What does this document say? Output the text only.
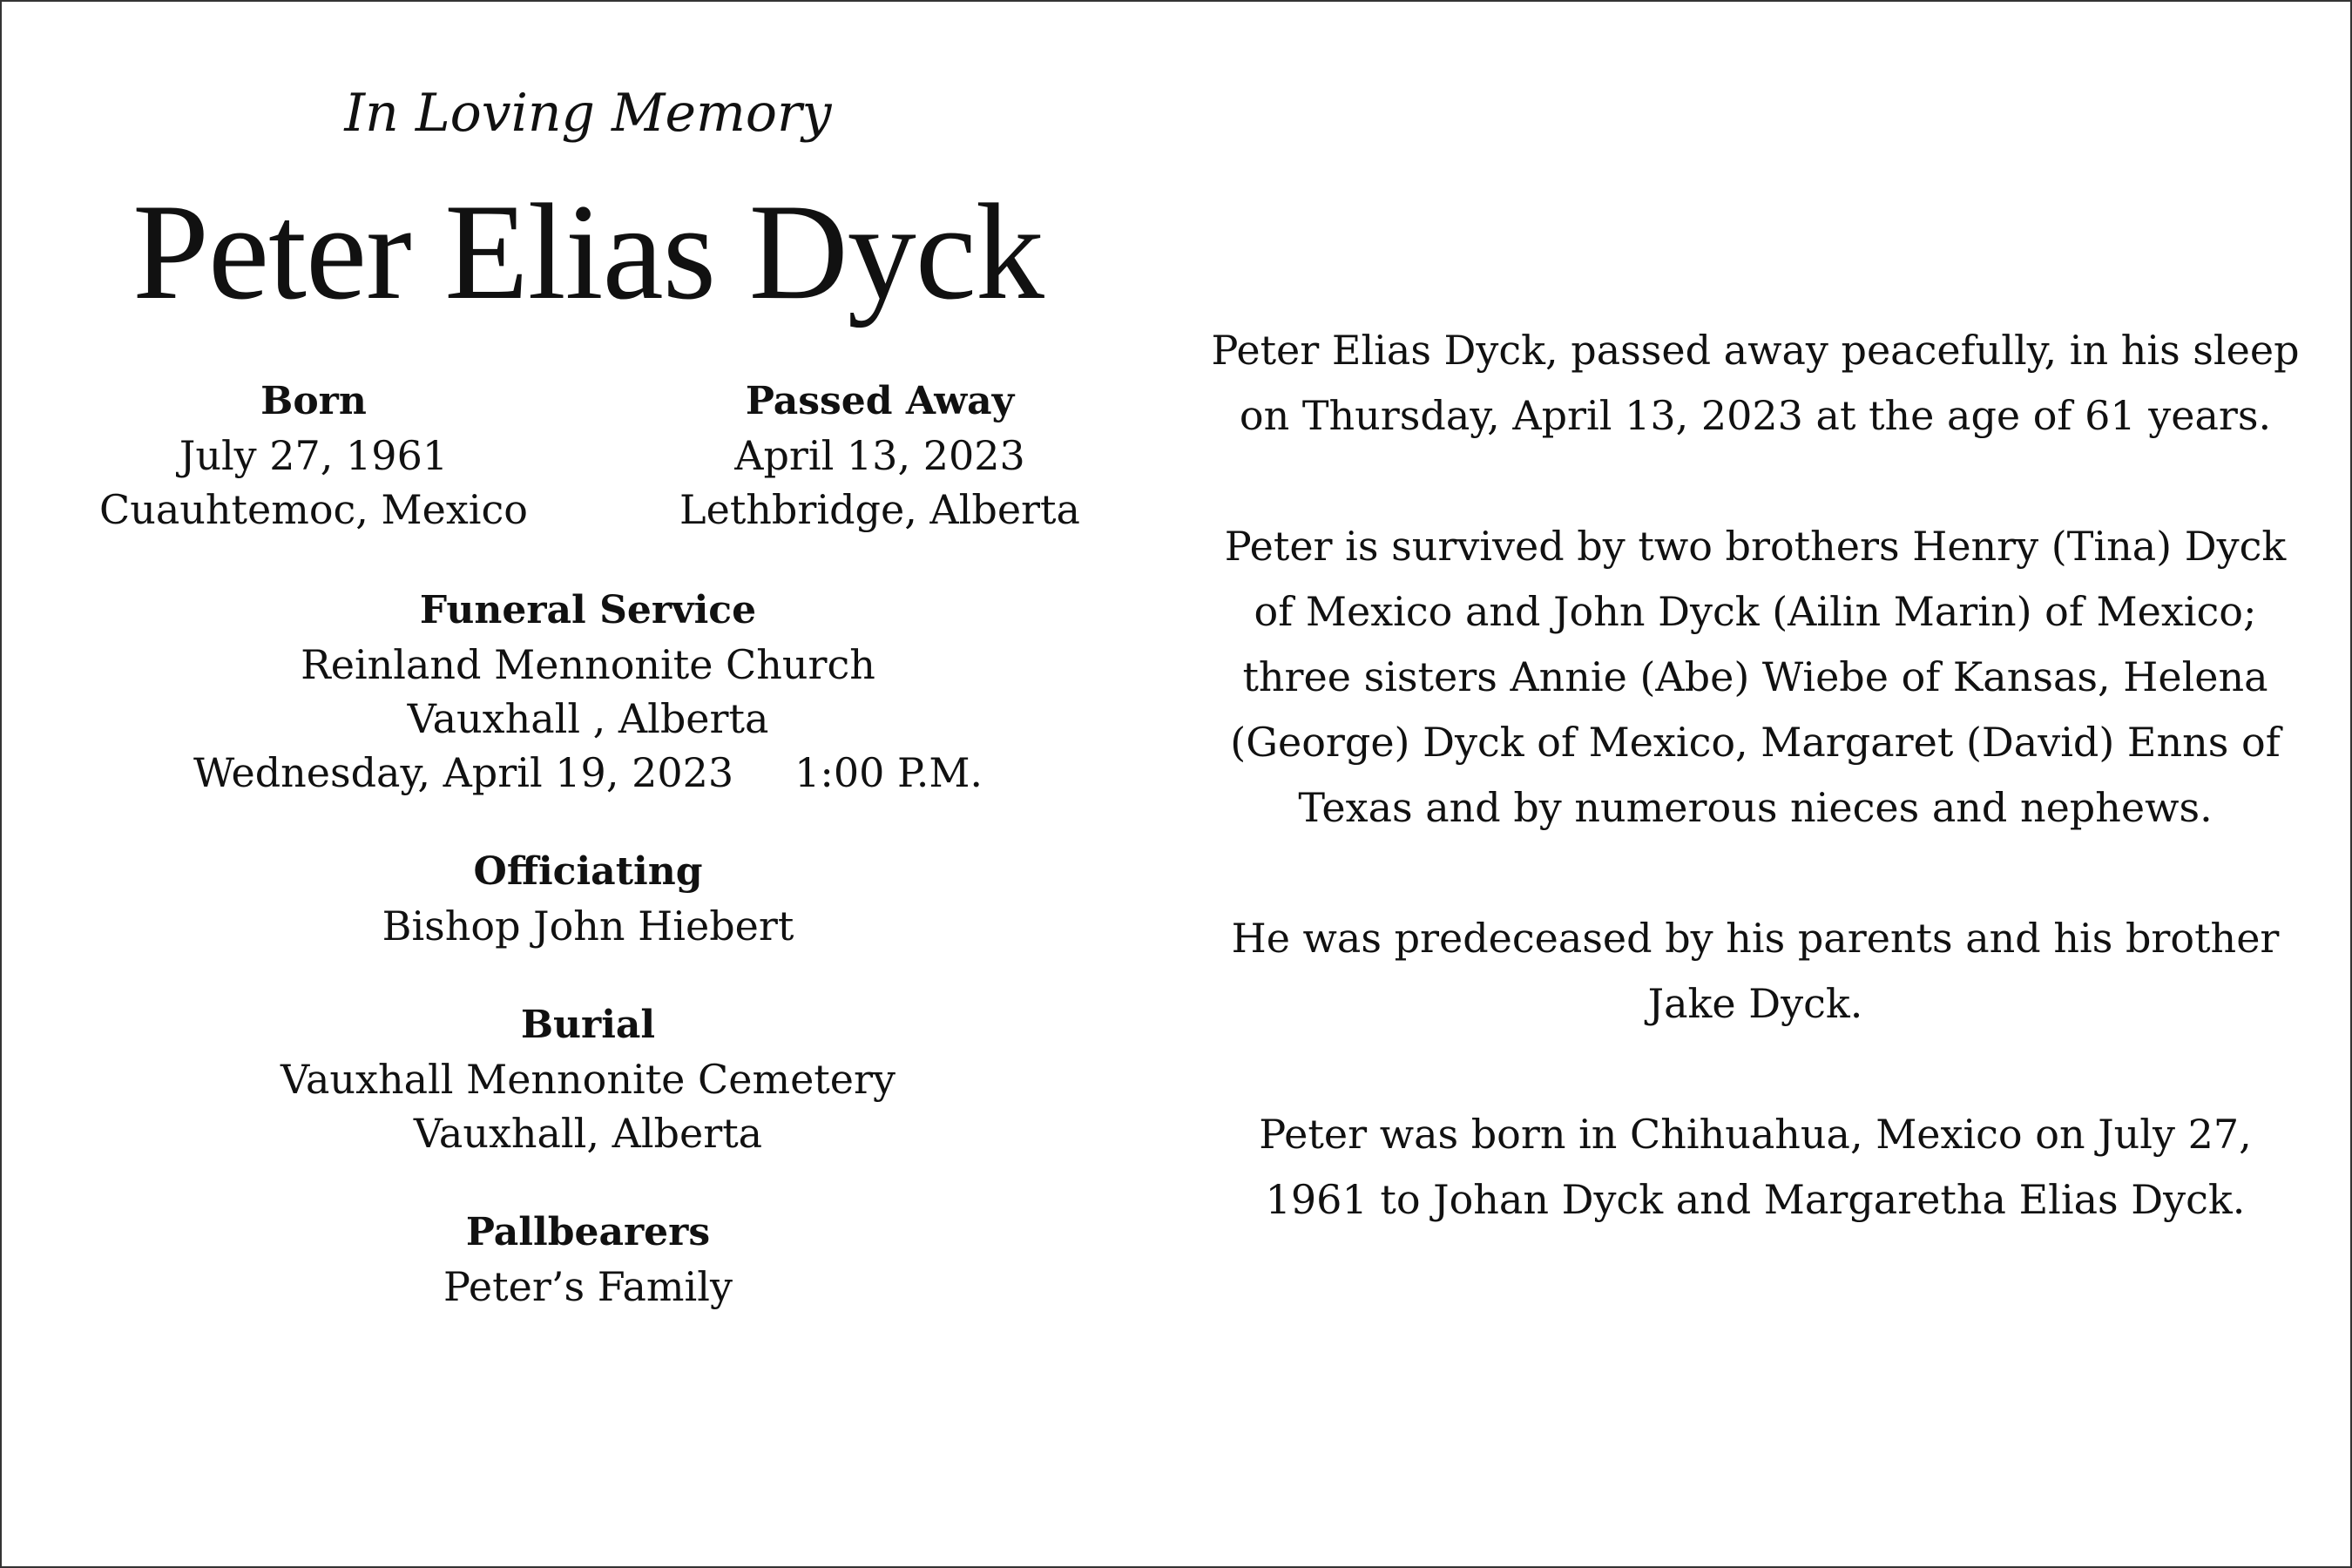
In Loving Memory

Peter Elias Dyck
Born
July 27, 1961
Cuauhtemoc, Mexico
Passed Away
April 13, 2023
Lethbridge, Alberta
Funeral Service
Reinland Mennonite Church
Vauxhall , Alberta
Wednesday, April 19, 2023 1:00 P.M.
Officiating
Bishop John Hiebert
Burial
Vauxhall Mennonite Cemetery
Vauxhall, Alberta
Pallbearers
Peter’s Family

Peter Elias Dyck, passed away peacefully, in his sleep on Thursday, April 13, 2023 at the age of 61 years.

Peter is survived by two brothers Henry (Tina) Dyck of Mexico and John Dyck (Ailin Marin) of Mexico; three sisters Annie (Abe) Wiebe of Kansas, Helena (George) Dyck of Mexico, Margaret (David) Enns of Texas and by numerous nieces and nephews.

He was predeceased by his parents and his brother Jake Dyck.

Peter was born in Chihuahua, Mexico on July 27, 1961 to Johan Dyck and Margaretha Elias Dyck.
